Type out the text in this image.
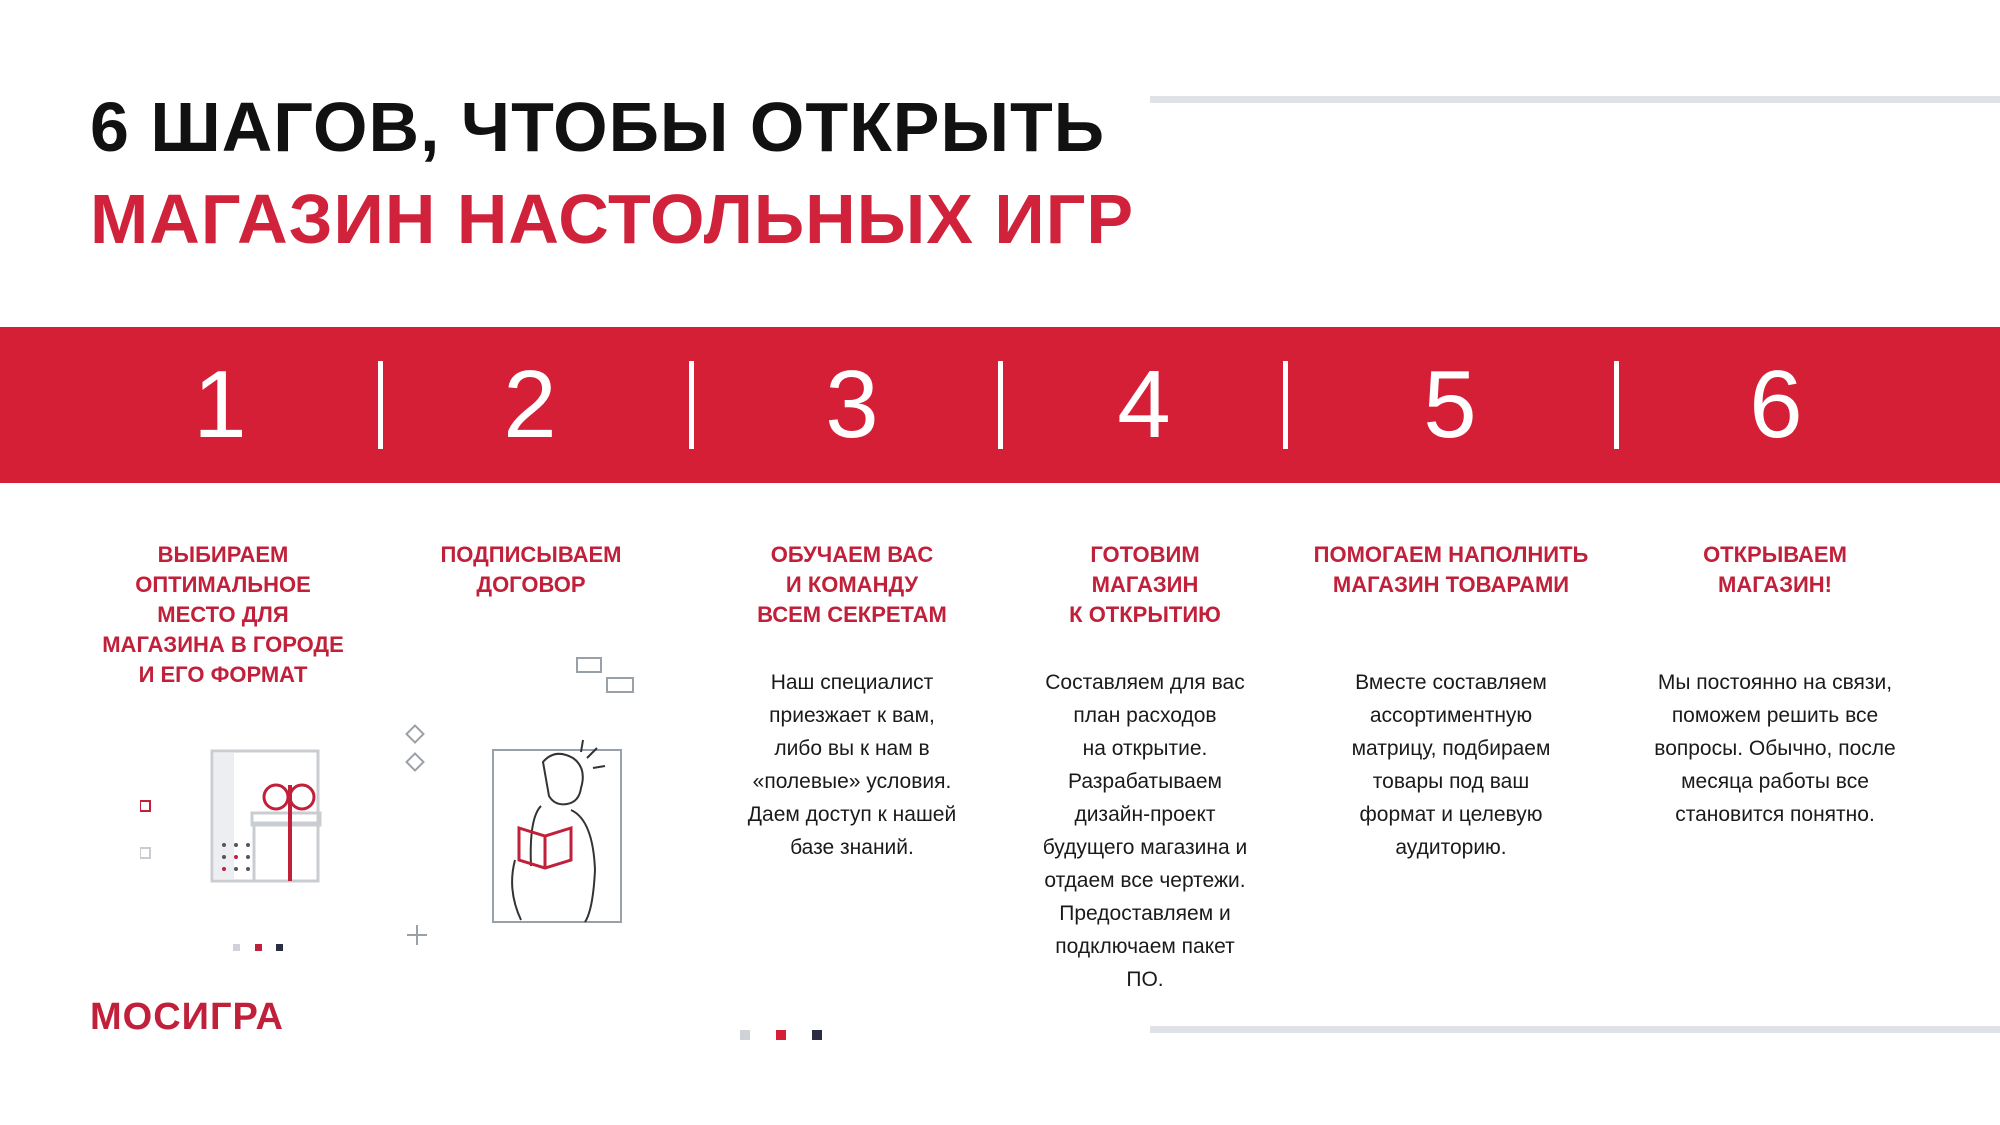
6 ШАГОВ, ЧТОБЫ ОТКРЫТЬ
МАГАЗИН НАСТОЛЬНЫХ ИГР
1	2	3 4	5	6

ВЫБИРАЕМ
ОПТИМАЛЬНОЕ
МЕСТО ДЛЯ
МАГАЗИНА В ГОРОДЕ
И ЕГО ФОРМАТ

ПОДПИСЫВАЕМ
ДОГОВОР

ОБУЧАЕМ ВАС
И КОМАНДУ
ВСЕМ СЕКРЕТАМ

ГОТОВИМ
МАГАЗИН
К ОТКРЫТИЮ

ПОМОГАЕМ НАПОЛНИТЬ
МАГАЗИН ТОВАРАМИ

ОТКРЫВАЕМ
МАГАЗИН!

Наш специалист
приезжает к вам,
либо вы к нам в
«полевые» условия.
Даем доступ к нашей
базе знаний.

Составляем для вас
план расходов
на открытие.
Разрабатываем
дизайн-проект
будущего магазина и
отдаем все чертежи.
Предоставляем и
подключаем пакет
ПО.

Вместе составляем
ассортиментную
матрицу, подбираем
товары под ваш
формат и целевую
аудиторию.

Мы постоянно на связи,
поможем решить все
вопросы. Обычно, после
месяца работы все
становится понятно.

МОСИГРА
